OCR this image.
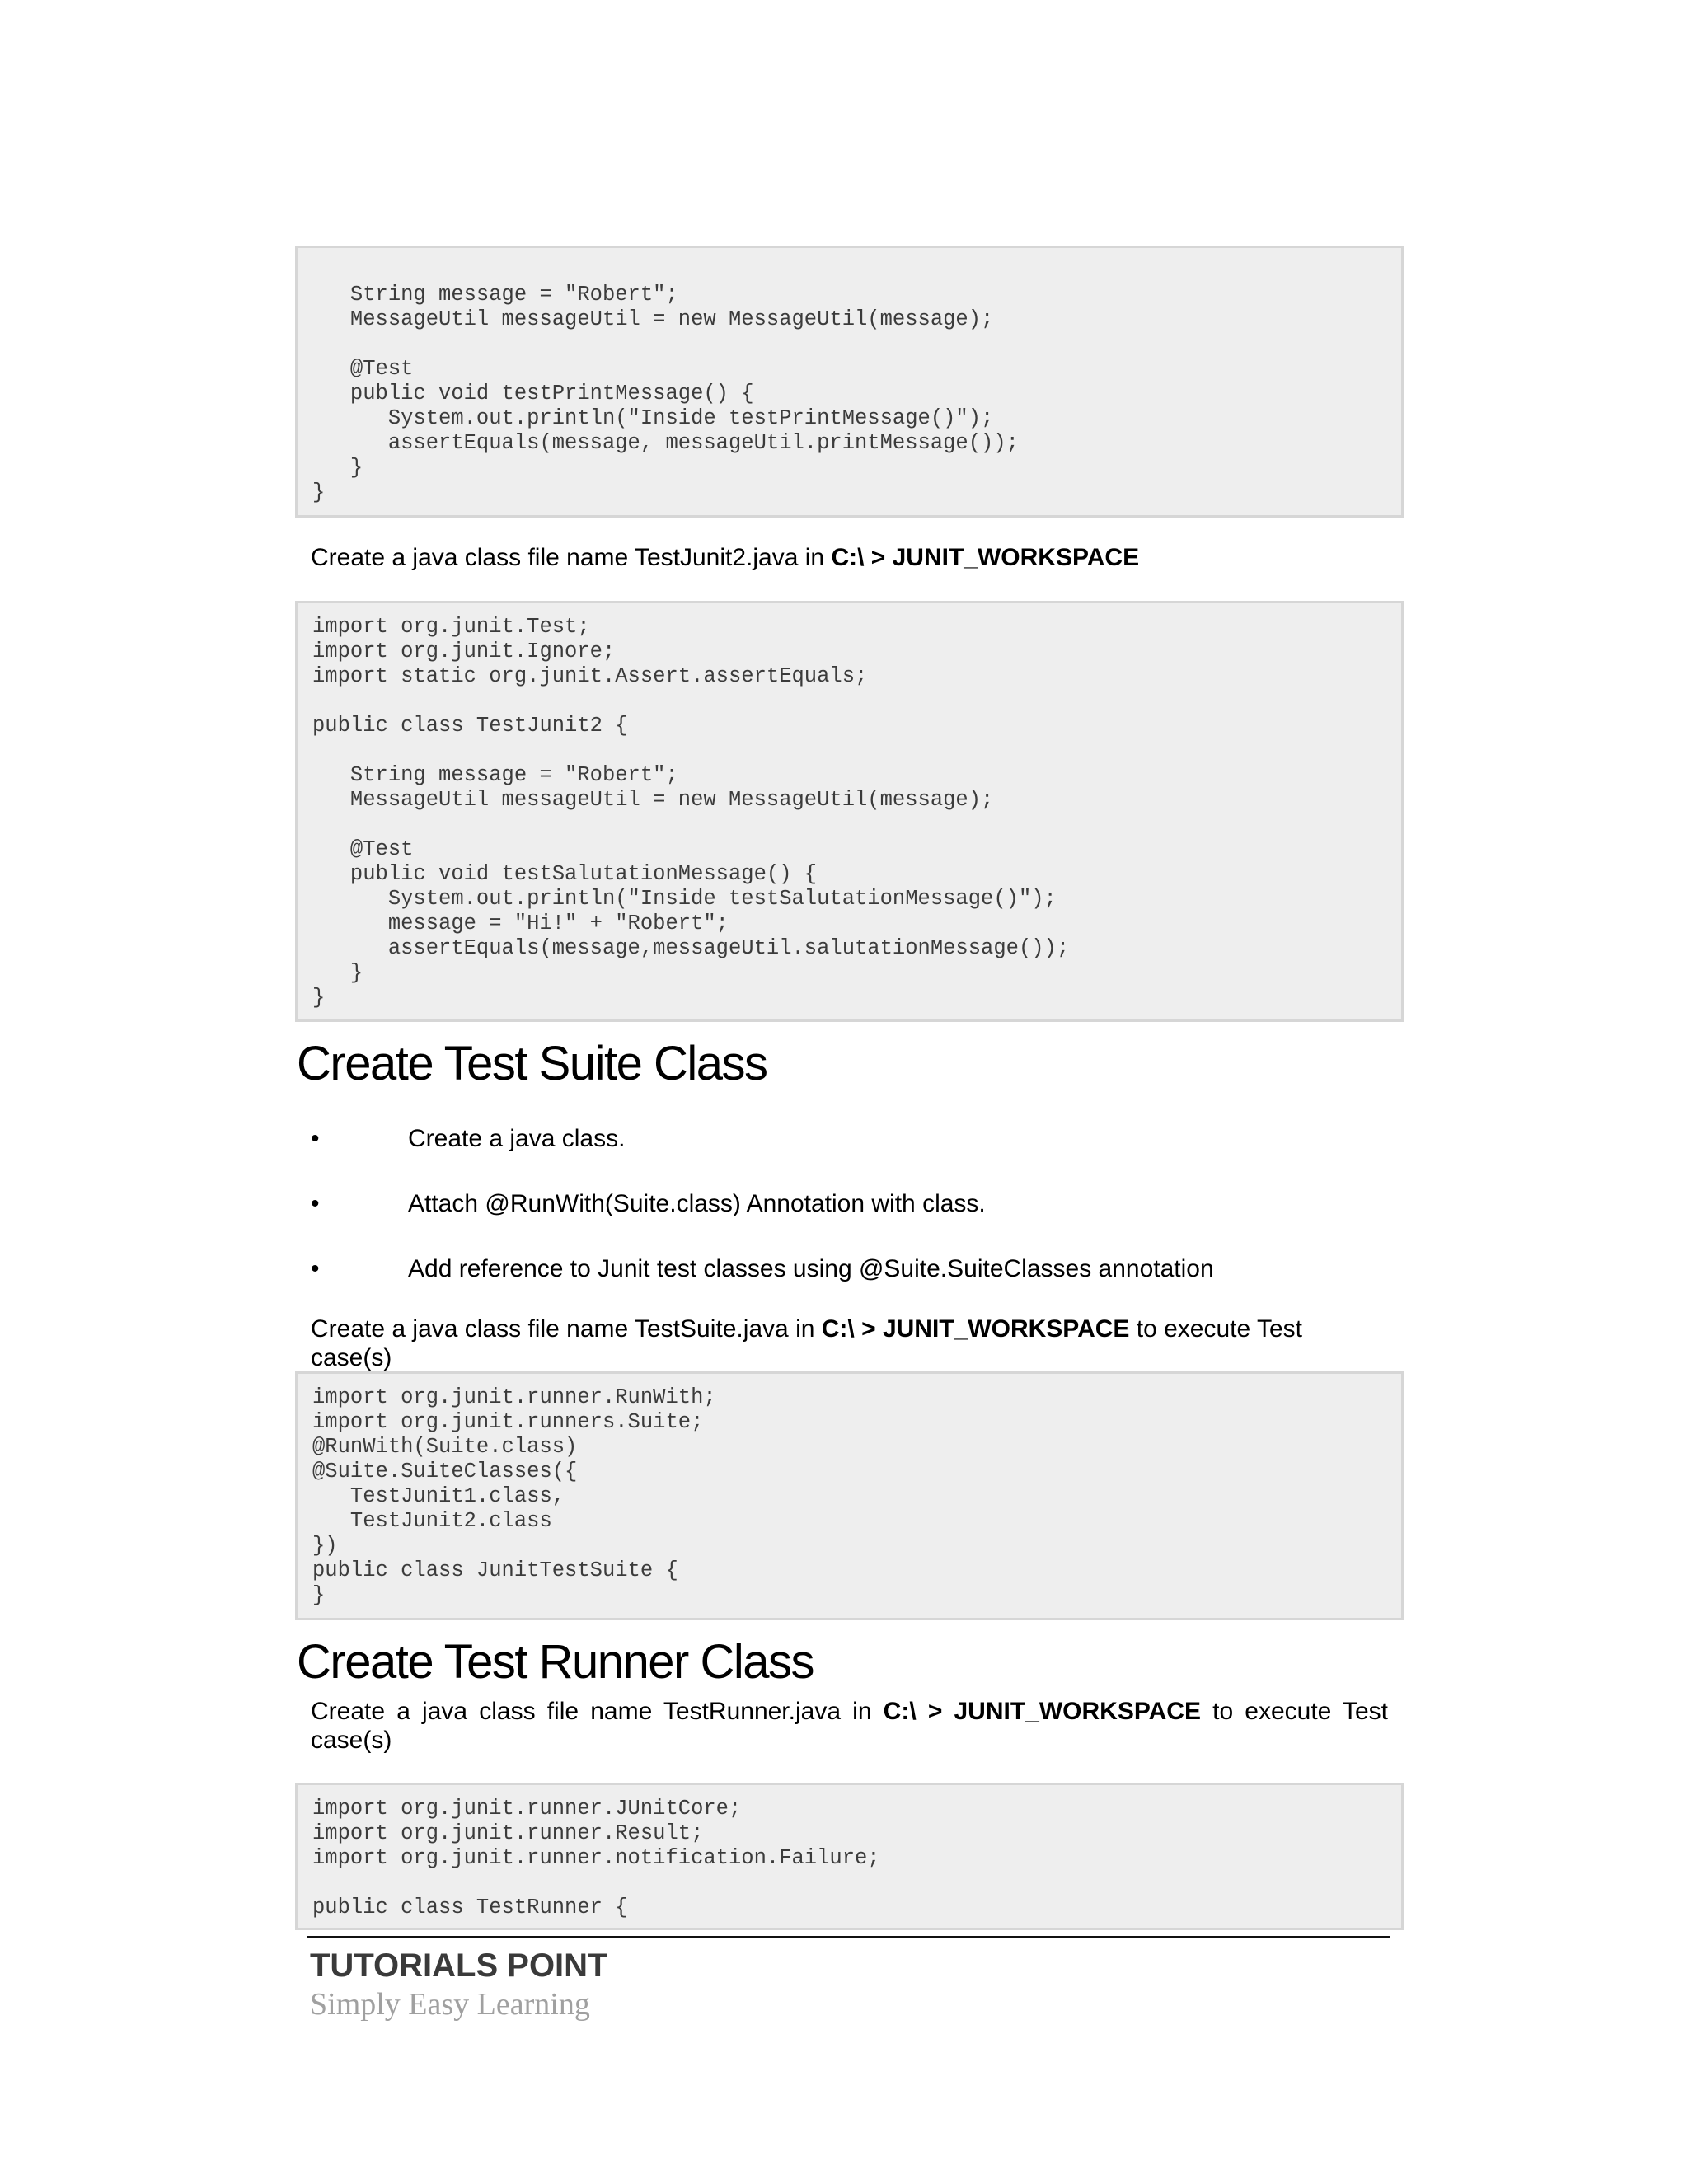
String message = "Robert";
MessageUtil messageUtil = new MessageUtil(message);

@Test
public void testPrintMessage() {
System.out.println("Inside testPrintMessage()");
assertEquals(message, messageUtil.printMessage());
}
}

Create a java class file name TestJunit2.java in C:\ > JUNIT_WORKSPACE

import org.junit.Test;
import org.junit.Ignore;
import static org.junit.Assert.assertEquals;

public class TestJunit2 {

String message = "Robert";
MessageUtil messageUtil = new MessageUtil(message);

@Test
public void testSalutationMessage() {
System.out.println("Inside testSalutationMessage()");
message = "Hi!" + "Robert";
assertEquals(message,messageUtil.salutationMessage());
}
}
Create Test Suite Class
•	Create a java class.
•	Attach @RunWith(Suite.class) Annotation with class.
•	Add reference to Junit test classes using @Suite.SuiteClasses annotation

Create a java class file name TestSuite.java in C:\ > JUNIT_WORKSPACE to execute Test case(s)

import org.junit.runner.RunWith;
import org.junit.runners.Suite;
@RunWith(Suite.class)
@Suite.SuiteClasses({
TestJunit1.class,
TestJunit2.class
})
public class JunitTestSuite {
}
Create Test Runner Class
Create a java class file name TestRunner.java in C:\ > JUNIT_WORKSPACE to execute Test
case(s)
import org.junit.runner.JUnitCore;
import org.junit.runner.Result;
import org.junit.runner.notification.Failure;

public class TestRunner {
TUTORIALS POINT
Simply Easy Learning
